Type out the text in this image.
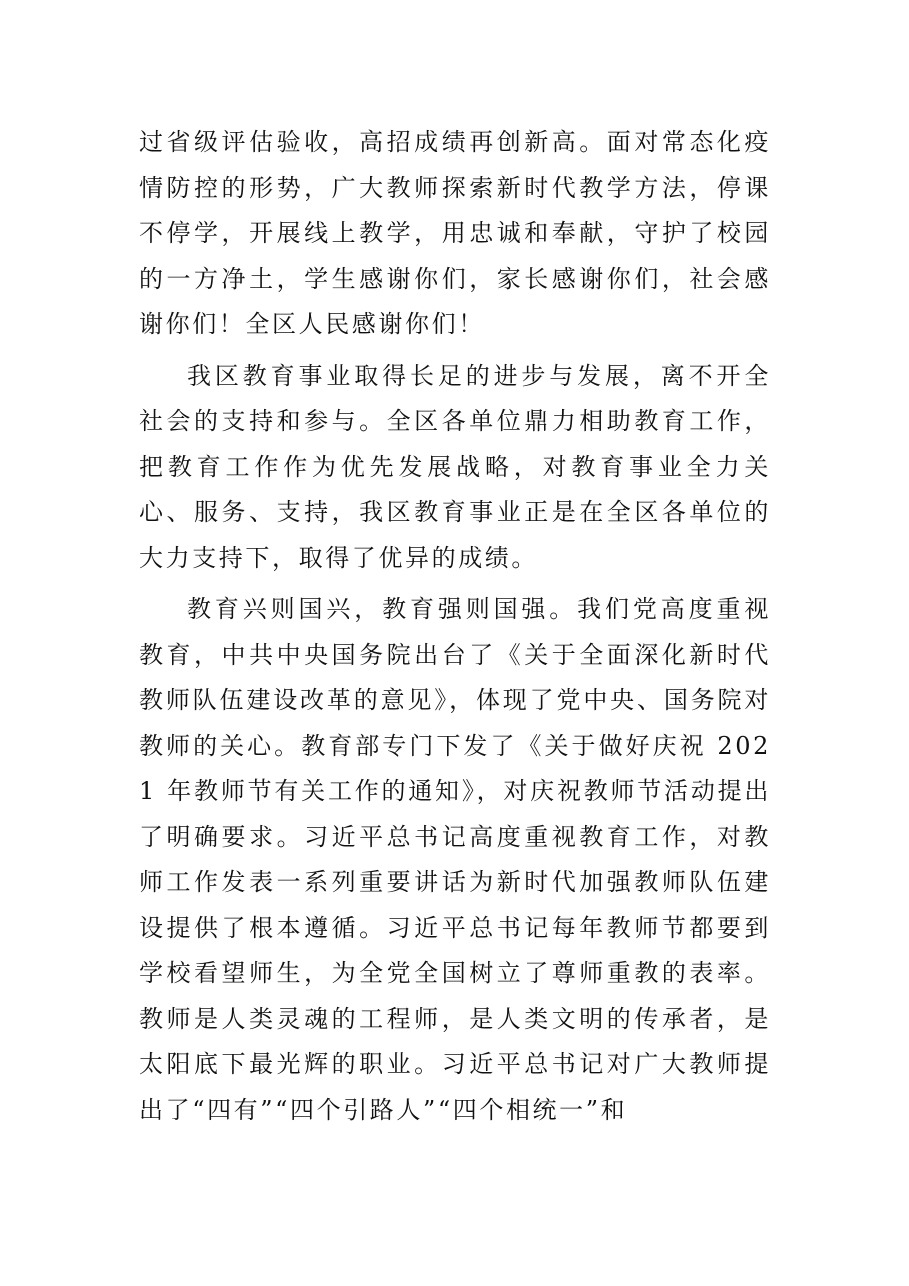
过省级评估验收，高招成绩再创新高。面对常态化疫情防控的形势，广大教师探索新时代教学方法，停课不停学，开展线上教学，用忠诚和奉献，守护了校园的一方净土，学生感谢你们，家长感谢你们，社会感谢你们！全区人民感谢你们！

我区教育事业取得长足的进步与发展，离不开全社会的支持和参与。全区各单位鼎力相助教育工作，把教育工作作为优先发展战略，对教育事业全力关心、服务、支持，我区教育事业正是在全区各单位的大力支持下，取得了优异的成绩。

教育兴则国兴，教育强则国强。我们党高度重视教育，中共中央国务院出台了《关于全面深化新时代教师队伍建设改革的意见》，体现了党中央、国务院对教师的关心。教育部专门下发了《关于做好庆祝 2021 年教师节有关工作的通知》，对庆祝教师节活动提出了明确要求。习近平总书记高度重视教育工作，对教师工作发表一系列重要讲话为新时代加强教师队伍建设提供了根本遵循。习近平总书记每年教师节都要到学校看望师生，为全党全国树立了尊师重教的表率。教师是人类灵魂的工程师，是人类文明的传承者，是太阳底下最光辉的职业。习近平总书记对广大教师提出了“四有”“四个引路人”“四个相统一”和
